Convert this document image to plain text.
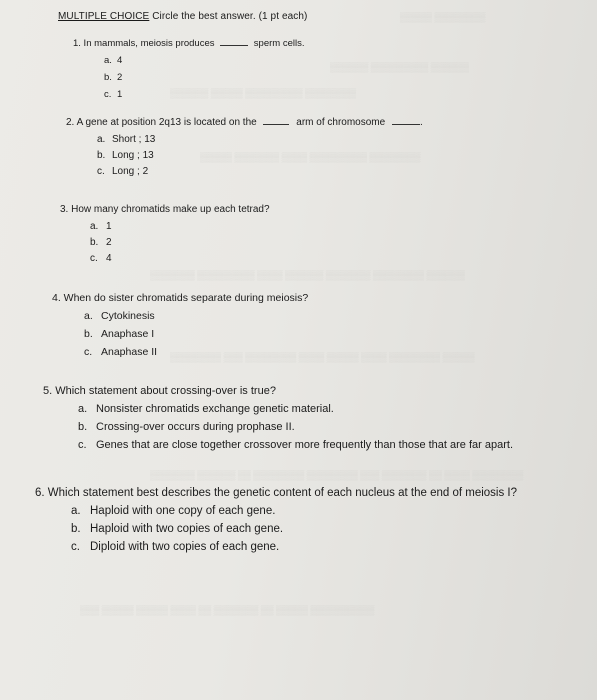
▒▒▒▒▒ ▒▒▒▒▒▒▒▒
▒▒▒▒▒▒ ▒▒▒▒▒▒▒▒▒ ▒▒▒▒▒▒
▒▒▒▒▒▒ ▒▒▒▒▒ ▒▒▒▒▒▒▒▒▒ ▒▒▒▒▒▒▒▒
▒▒▒▒▒ ▒▒▒▒▒▒▒ ▒▒▒▒ ▒▒▒▒▒▒▒▒▒ ▒▒▒▒▒▒▒▒
▒▒▒▒▒▒▒ ▒▒▒▒▒▒▒▒▒ ▒▒▒▒ ▒▒▒▒▒▒ ▒▒▒▒▒▒▒ ▒▒▒▒▒▒▒▒ ▒▒▒▒▒▒
▒▒▒▒▒▒▒▒ ▒▒▒ ▒▒▒▒▒▒▒▒ ▒▒▒▒ ▒▒▒▒▒ ▒▒▒▒ ▒▒▒▒▒▒▒▒ ▒▒▒▒▒
▒▒▒▒▒▒▒ ▒▒▒▒▒▒ ▒▒ ▒▒▒▒▒▒▒▒ ▒▒▒▒▒▒▒▒ ▒▒▒ ▒▒▒▒▒▒▒ ▒▒ ▒▒▒▒ ▒▒▒▒▒▒▒▒
▒▒▒ ▒▒▒▒▒ ▒▒▒▒▒ ▒▒▒▒ ▒▒ ▒▒▒▒▒▒▒ ▒▒ ▒▒▒▒▒ ▒▒▒▒▒▒▒▒▒▒
MULTIPLE CHOICE Circle the best answer. (1 pt each)
1. In mammals, meiosis produces	sperm cells.
a. 4
b. 2
c. 1
2. A gene at position 2q13 is located on the	arm of chromosome	.
a. Short ; 13
b. Long ; 13
c. Long ; 2
3. How many chromatids make up each tetrad?
a. 1
b. 2
c. 4
4. When do sister chromatids separate during meiosis?
a. Cytokinesis
b. Anaphase I
c. Anaphase II
5. Which statement about crossing-over is true?
a. Nonsister chromatids exchange genetic material.
b. Crossing-over occurs during prophase II.
c. Genes that are close together crossover more frequently than those that are far apart.
6. Which statement best describes the genetic content of each nucleus at the end of meiosis I?
a. Haploid with one copy of each gene.
b. Haploid with two copies of each gene.
c. Diploid with two copies of each gene.
